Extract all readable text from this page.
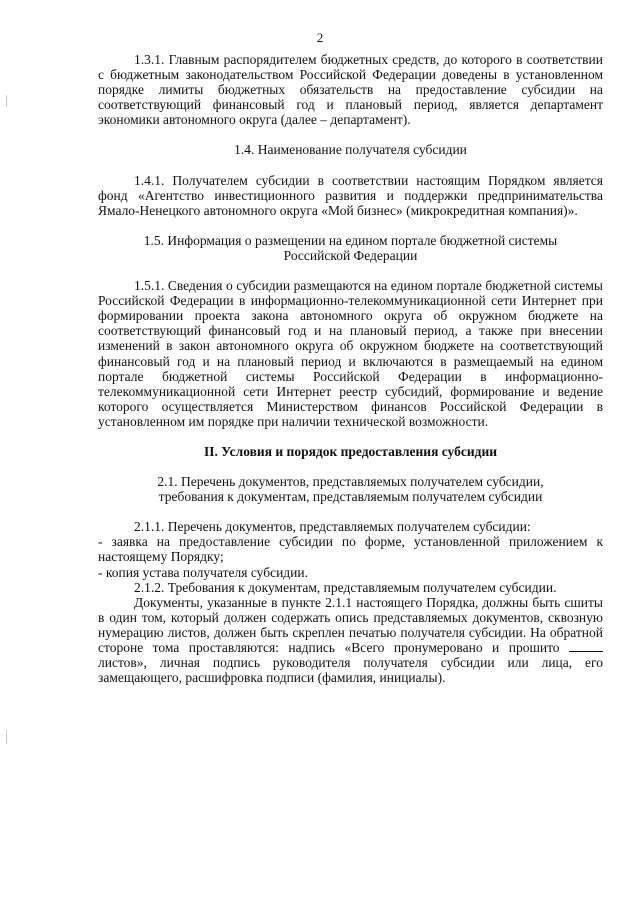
2

1.3.1. Главным распорядителем бюджетных средств, до которого в соответствии с бюджетным законодательством Российской Федерации доведены в установленном порядке лимиты бюджетных обязательств на предоставление субсидии на соответствующий финансовый год и плановый период, является департамент экономики автономного округа (далее – департамент).

1.4. Наименование получателя субсидии

1.4.1. Получателем субсидии в соответствии настоящим Порядком является фонд «Агентство инвестиционного развития и поддержки предпринимательства Ямало-Ненецкого автономного округа «Мой бизнес» (микрокредитная компания)».

1.5. Информация о размещении на едином портале бюджетной системы

Российской Федерации

1.5.1. Сведения о субсидии размещаются на едином портале бюджетной системы Российской Федерации в информационно-телекоммуникационной сети Интернет при формировании проекта закона автономного округа об окружном бюджете на соответствующий финансовый год и на плановый период, а также при внесении изменений в закон автономного округа об окружном бюджете на соответствующий финансовый год и на плановый период и включаются в размещаемый на едином портале бюджетной системы Российской Федерации в информационно-телекоммуникационной сети Интернет реестр субсидий, формирование и ведение которого осуществляется Министерством финансов Российской Федерации в установленном им порядке при наличии технической возможности.

II. Условия и порядок предоставления субсидии

2.1. Перечень документов, представляемых получателем субсидии,

требования к документам, представляемым получателем субсидии

2.1.1. Перечень документов, представляемых получателем субсидии:

- заявка на предоставление субсидии по форме, установленной приложением к настоящему Порядку;

- копия устава получателя субсидии.

2.1.2. Требования к документам, представляемым получателем субсидии.

Документы, указанные в пункте 2.1.1 настоящего Порядка, должны быть сшиты в один том, который должен содержать опись представляемых документов, сквозную нумерацию листов, должен быть скреплен печатью получателя субсидии. На обратной стороне тома проставляются: надпись «Всего пронумеровано и прошито  листов», личная подпись руководителя получателя субсидии или лица, его замещающего, расшифровка подписи (фамилия, инициалы).
